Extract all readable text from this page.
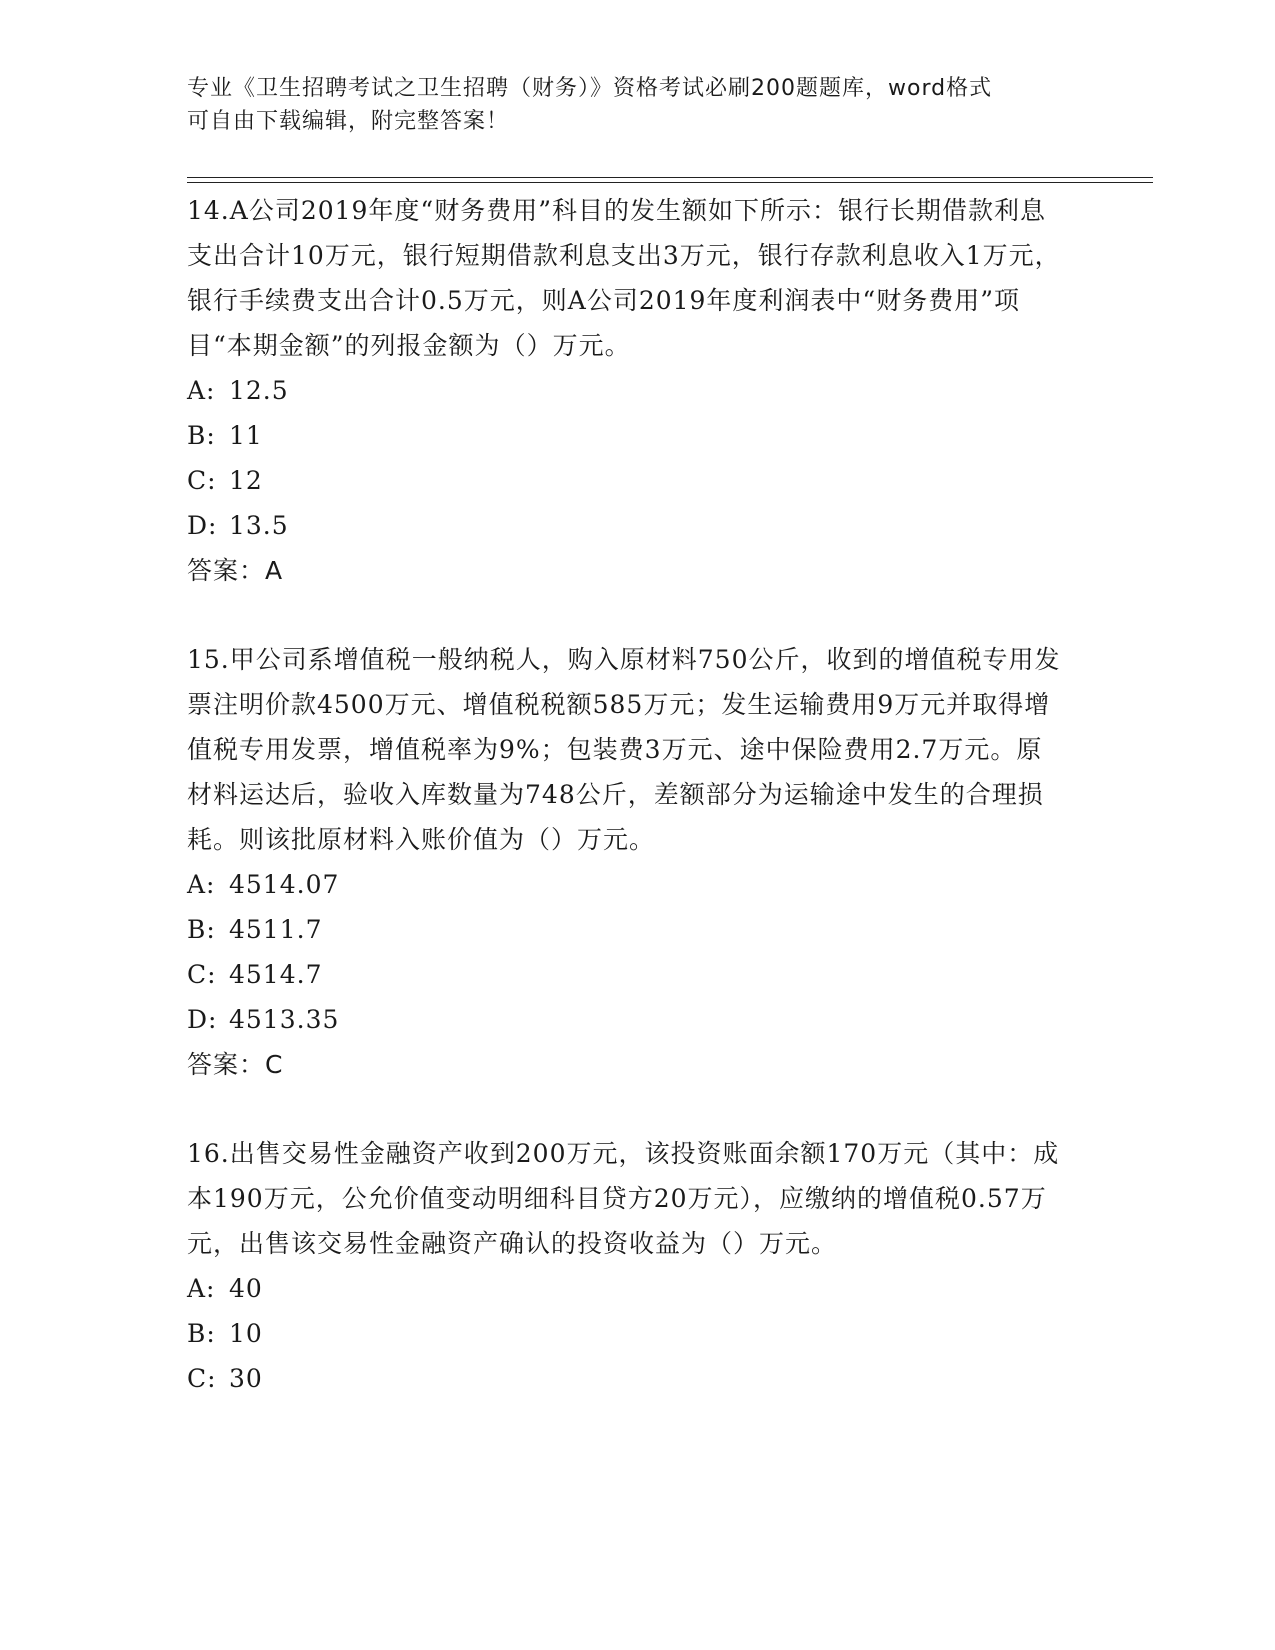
专业《卫生招聘考试之卫生招聘（财务）》资格考试必刷200题题库，word格式
可自由下载编辑，附完整答案！

14.A公司2019年度“财务费用”科目的发生额如下所示：银行长期借款利息支出合计10万元，银行短期借款利息支出3万元，银行存款利息收入1万元，银行手续费支出合计0.5万元，则A公司2019年度利润表中“财务费用”项目“本期金额”的列报金额为（）万元。

A: 12.5

B: 11

C: 12

D: 13.5

答案：A

15.甲公司系增值税一般纳税人，购入原材料750公斤，收到的增值税专用发票注明价款4500万元、增值税税额585万元；发生运输费用9万元并取得增值税专用发票，增值税率为9%；包装费3万元、途中保险费用2.7万元。原材料运达后，验收入库数量为748公斤，差额部分为运输途中发生的合理损耗。则该批原材料入账价值为（）万元。

A: 4514.07

B: 4511.7

C: 4514.7

D: 4513.35

答案：C

16.出售交易性金融资产收到200万元，该投资账面余额170万元（其中：成本190万元，公允价值变动明细科目贷方20万元），应缴纳的增值税0.57万元，出售该交易性金融资产确认的投资收益为（）万元。

A: 40

B: 10

C: 30
